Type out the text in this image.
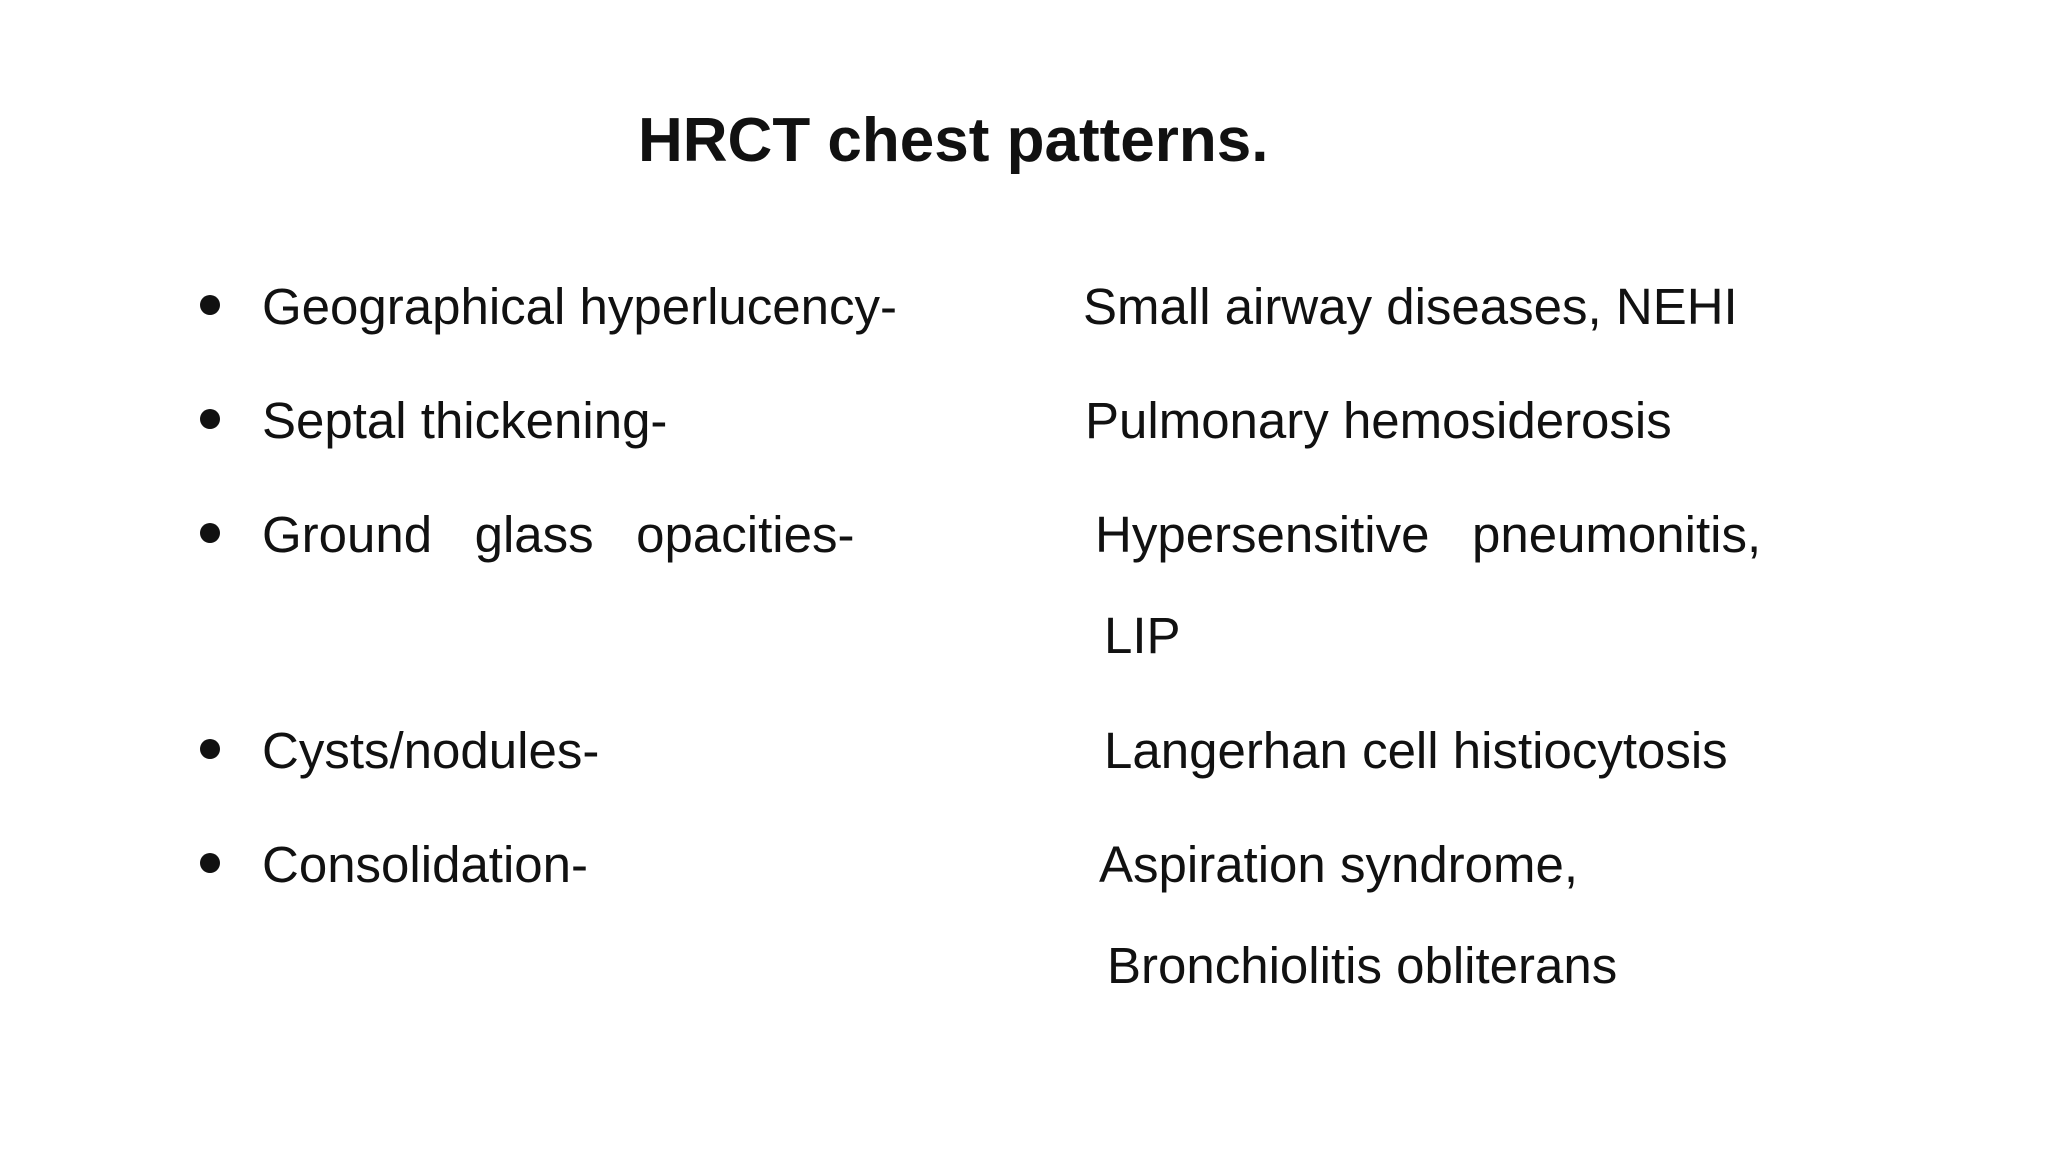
HRCT chest patterns.
Geographical hyperlucency-	Small airway diseases, NEHI
Septal thickening-	Pulmonary hemosiderosis
Ground   glass   opacities-	Hypersensitive   pneumonitis,
LIP
Cysts/nodules-	Langerhan cell histiocytosis
Consolidation-	Aspiration syndrome,
Bronchiolitis obliterans
